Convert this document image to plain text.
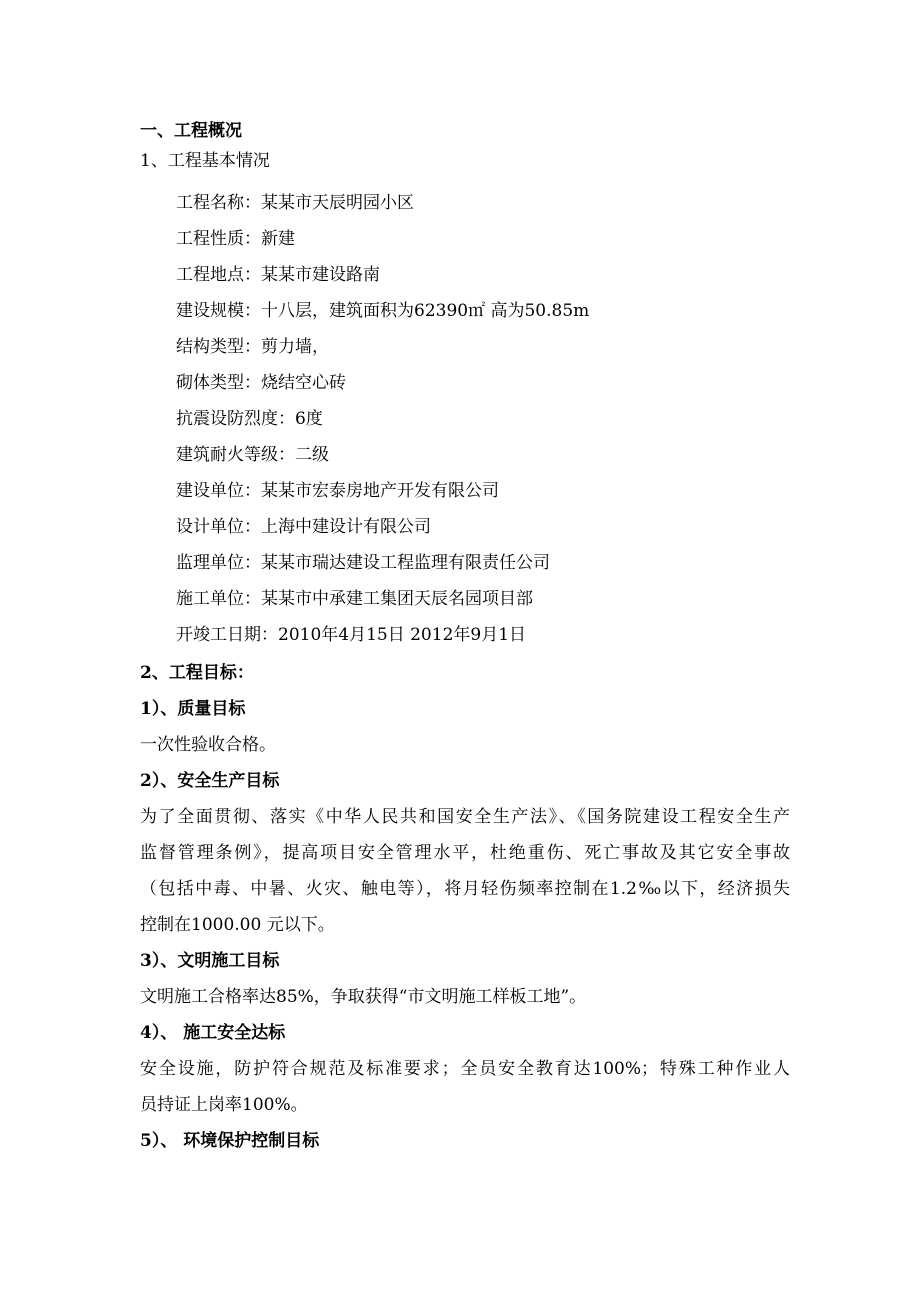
一、工程概况
1、工程基本情况
工程名称：某某市天辰明园小区
工程性质：新建
工程地点：某某市建设路南
建设规模：十八层，建筑面积为62390㎡ 高为50.85m
结构类型：剪力墙，
砌体类型：烧结空心砖
抗震设防烈度：6度
建筑耐火等级：二级
建设单位：某某市宏泰房地产开发有限公司
设计单位：上海中建设计有限公司
监理单位：某某市瑞达建设工程监理有限责任公司
施工单位：某某市中承建工集团天辰名园项目部
开竣工日期：2010年4月15日 2012年9月1日
2、工程目标：
1）、质量目标
一次性验收合格。
2）、安全生产目标
为了全面贯彻、落实《中华人民共和国安全生产法》、《国务院建设工程安全生产
监督管理条例》，提高项目安全管理水平，杜绝重伤、死亡事故及其它安全事故
（包括中毒、中暑、火灾、触电等），将月轻伤频率控制在1.2‰以下，经济损失
控制在1000.00 元以下。
3）、文明施工目标
文明施工合格率达85%，争取获得“市文明施工样板工地”。
4）、 施工安全达标
安全设施，防护符合规范及标准要求；全员安全教育达100%；特殊工种作业人
员持证上岗率100%。
5）、 环境保护控制目标
